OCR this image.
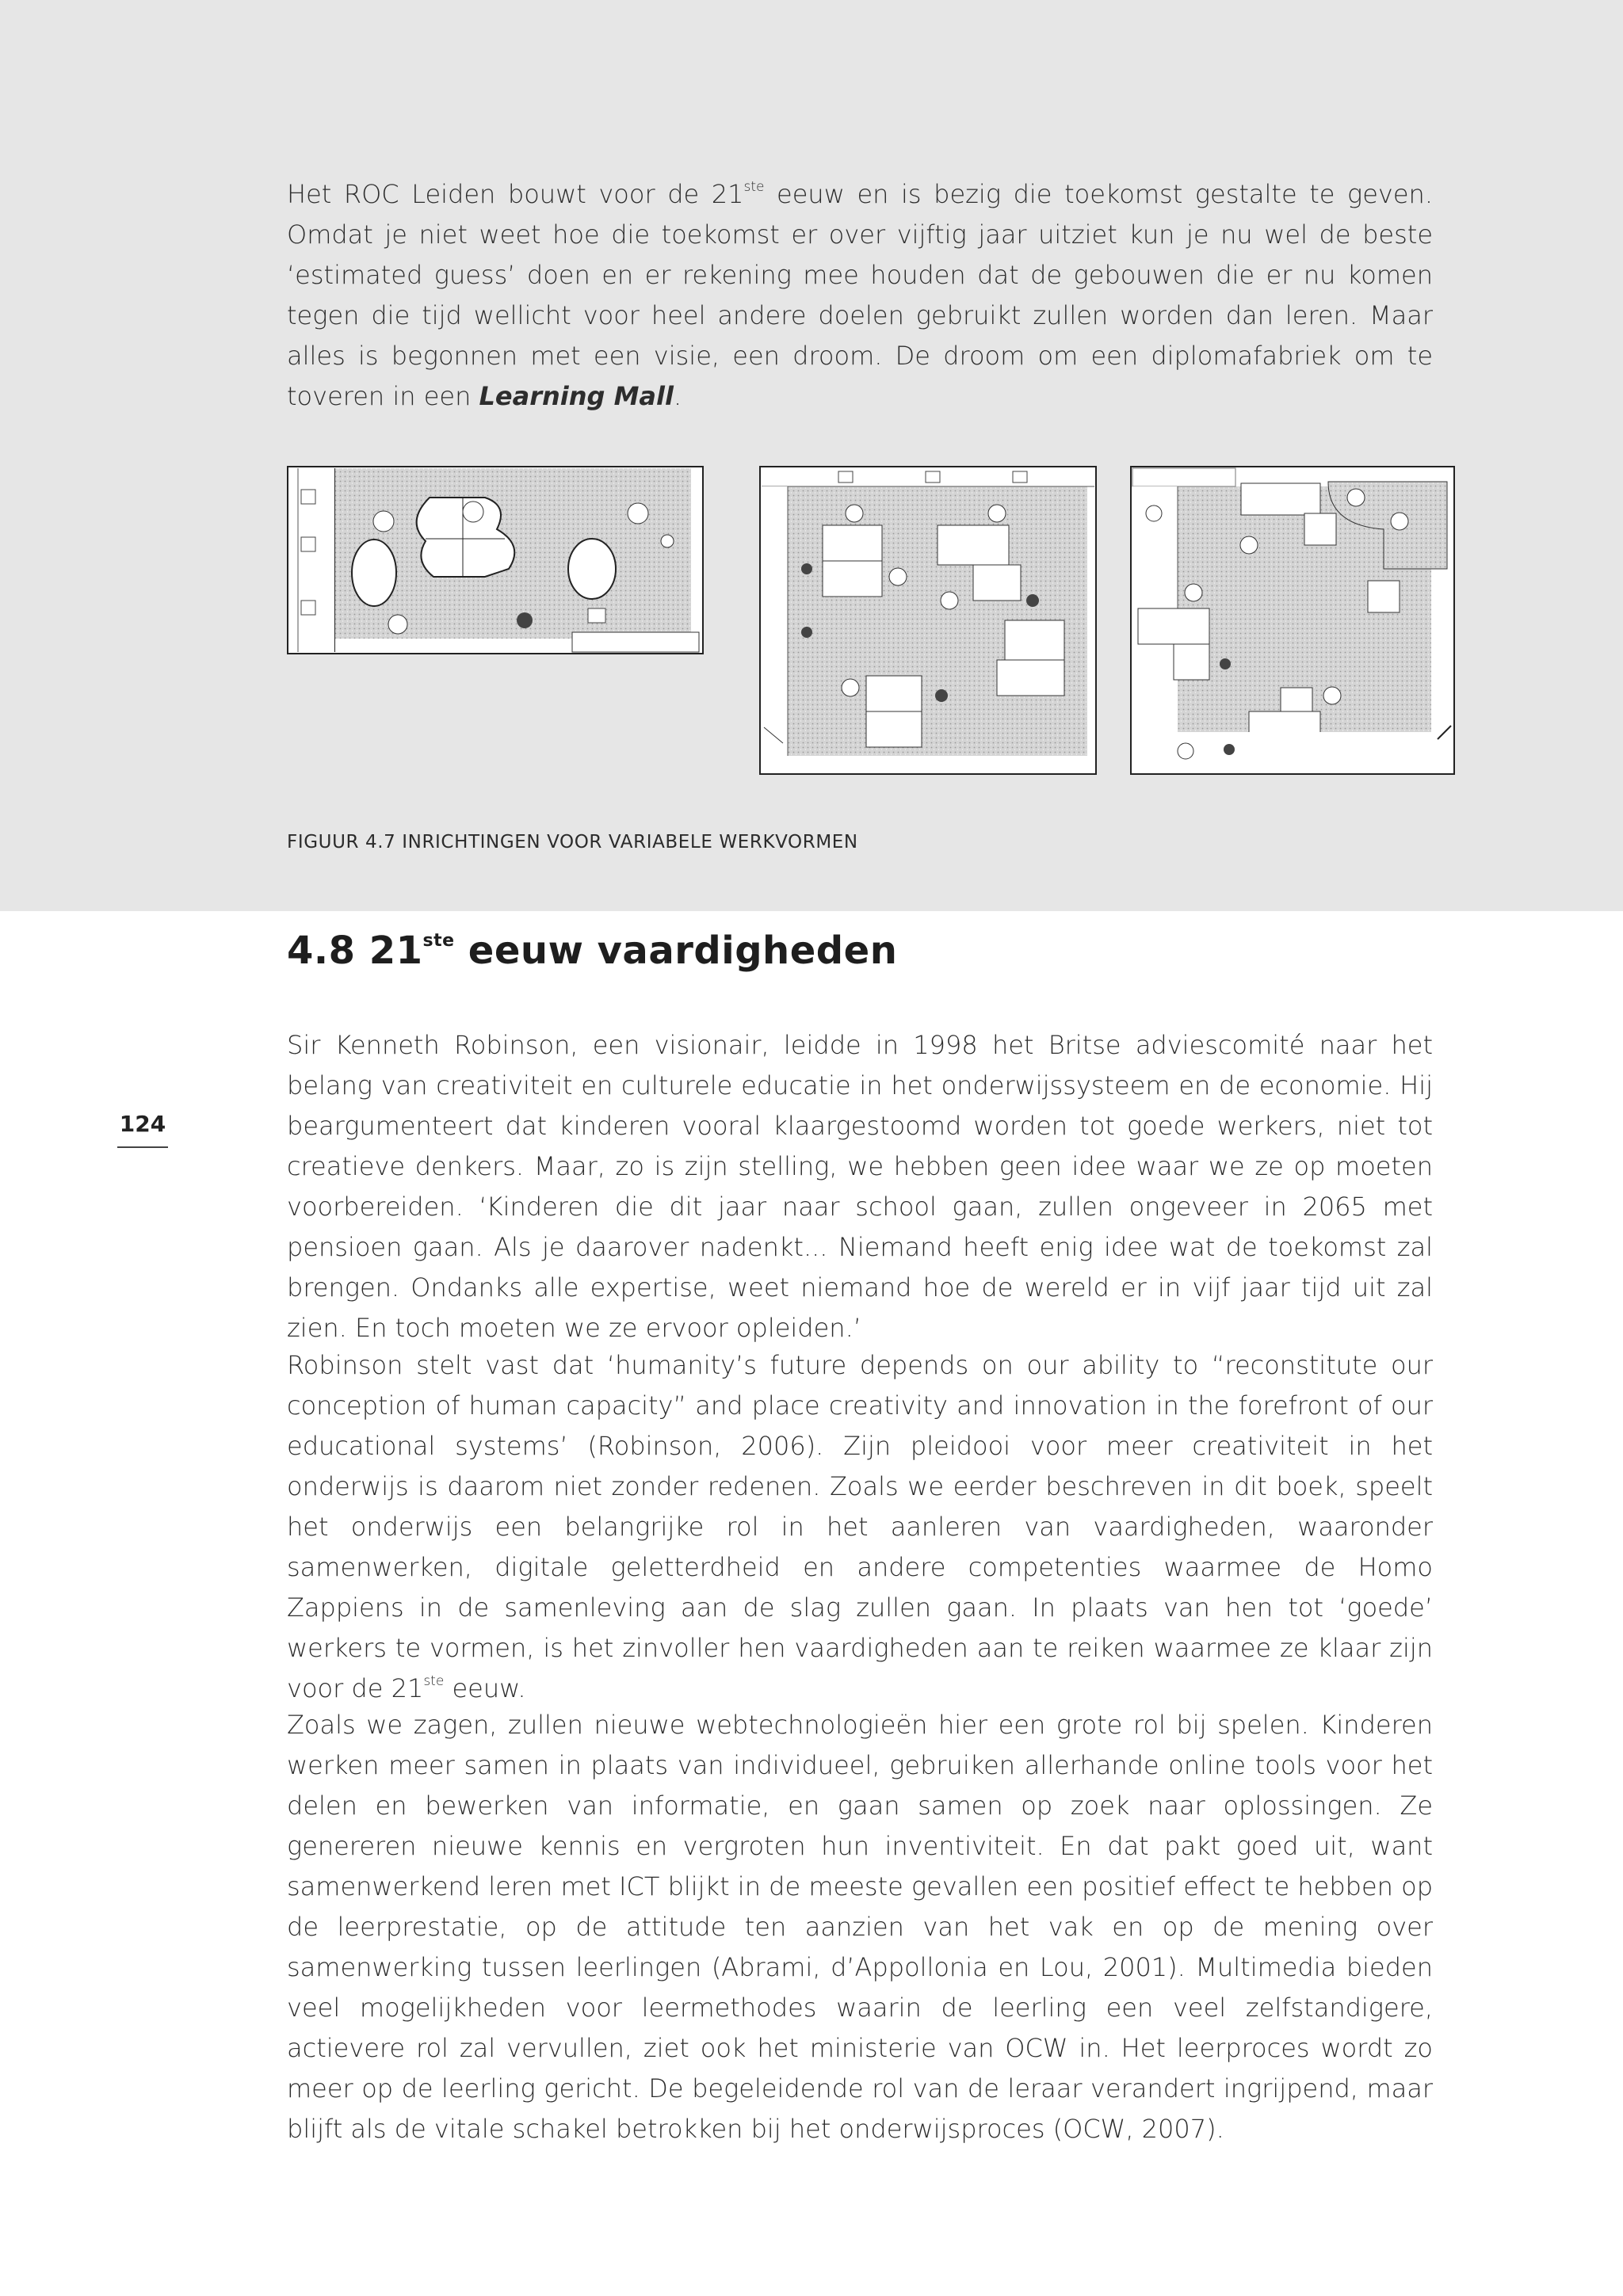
Het ROC Leiden bouwt voor de 21ste eeuw en is bezig die toekomst gestalte te geven. Omdat je niet weet hoe die toekomst er over vijftig jaar uitziet kun je nu wel de beste ‘estimated guess’ doen en er rekening mee houden dat de gebouwen die er nu komen tegen die tijd wellicht voor heel andere doelen gebruikt zullen worden dan leren. Maar alles is begonnen met een visie, een droom. De droom om een diplomafabriek om te toveren in een Learning Mall.

FIGUUR 4.7 INRICHTINGEN VOOR VARIABELE WERKVORMEN

4.8 21ste eeuw vaardigheden
124

Sir Kenneth Robinson, een visionair, leidde in 1998 het Britse adviescomité naar het belang van creativiteit en culturele educatie in het onderwijssysteem en de economie. Hij beargumenteert dat kinderen vooral klaargestoomd worden tot goede werkers, niet tot creatieve denkers. Maar, zo is zijn stelling, we hebben geen idee waar we ze op moeten voorbereiden. ‘Kinderen die dit jaar naar school gaan, zullen ongeveer in 2065 met pensioen gaan. Als je daarover nadenkt... Niemand heeft enig idee wat de toekomst zal brengen. Ondanks alle expertise, weet niemand hoe de wereld er in vijf jaar tijd uit zal zien. En toch moeten we ze ervoor opleiden.’

Robinson stelt vast dat ‘humanity’s future depends on our ability to “reconstitute our conception of human capacity” and place creativity and innovation in the forefront of our educational systems’ (Robinson, 2006). Zijn pleidooi voor meer creativiteit in het onderwijs is daarom niet zonder redenen. Zoals we eerder beschreven in dit boek, speelt het onderwijs een belangrijke rol in het aanleren van vaardigheden, waaronder samenwerken, digitale geletterdheid en andere competenties waarmee de Homo Zappiens in de samenleving aan de slag zullen gaan. In plaats van hen tot ‘goede’ werkers te vormen, is het zinvoller hen vaardigheden aan te reiken waarmee ze klaar zijn voor de 21ste eeuw.

Zoals we zagen, zullen nieuwe webtechnologieën hier een grote rol bij spelen. Kinderen werken meer samen in plaats van individueel, gebruiken allerhande online tools voor het delen en bewerken van informatie, en gaan samen op zoek naar oplossingen. Ze genereren nieuwe kennis en vergroten hun inventiviteit. En dat pakt goed uit, want samenwerkend leren met ICT blijkt in de meeste gevallen een positief effect te hebben op de leerprestatie, op de attitude ten aanzien van het vak en op de mening over samenwerking tussen leerlingen (Abrami, d’Appollonia en Lou, 2001). Multimedia bieden veel mogelijkheden voor leermethodes waarin de leerling een veel zelfstandigere, actievere rol zal vervullen, ziet ook het ministerie van OCW in. Het leerproces wordt zo meer op de leerling gericht. De begeleidende rol van de leraar verandert ingrijpend, maar blijft als de vitale schakel betrokken bij het onderwijsproces (OCW, 2007).
